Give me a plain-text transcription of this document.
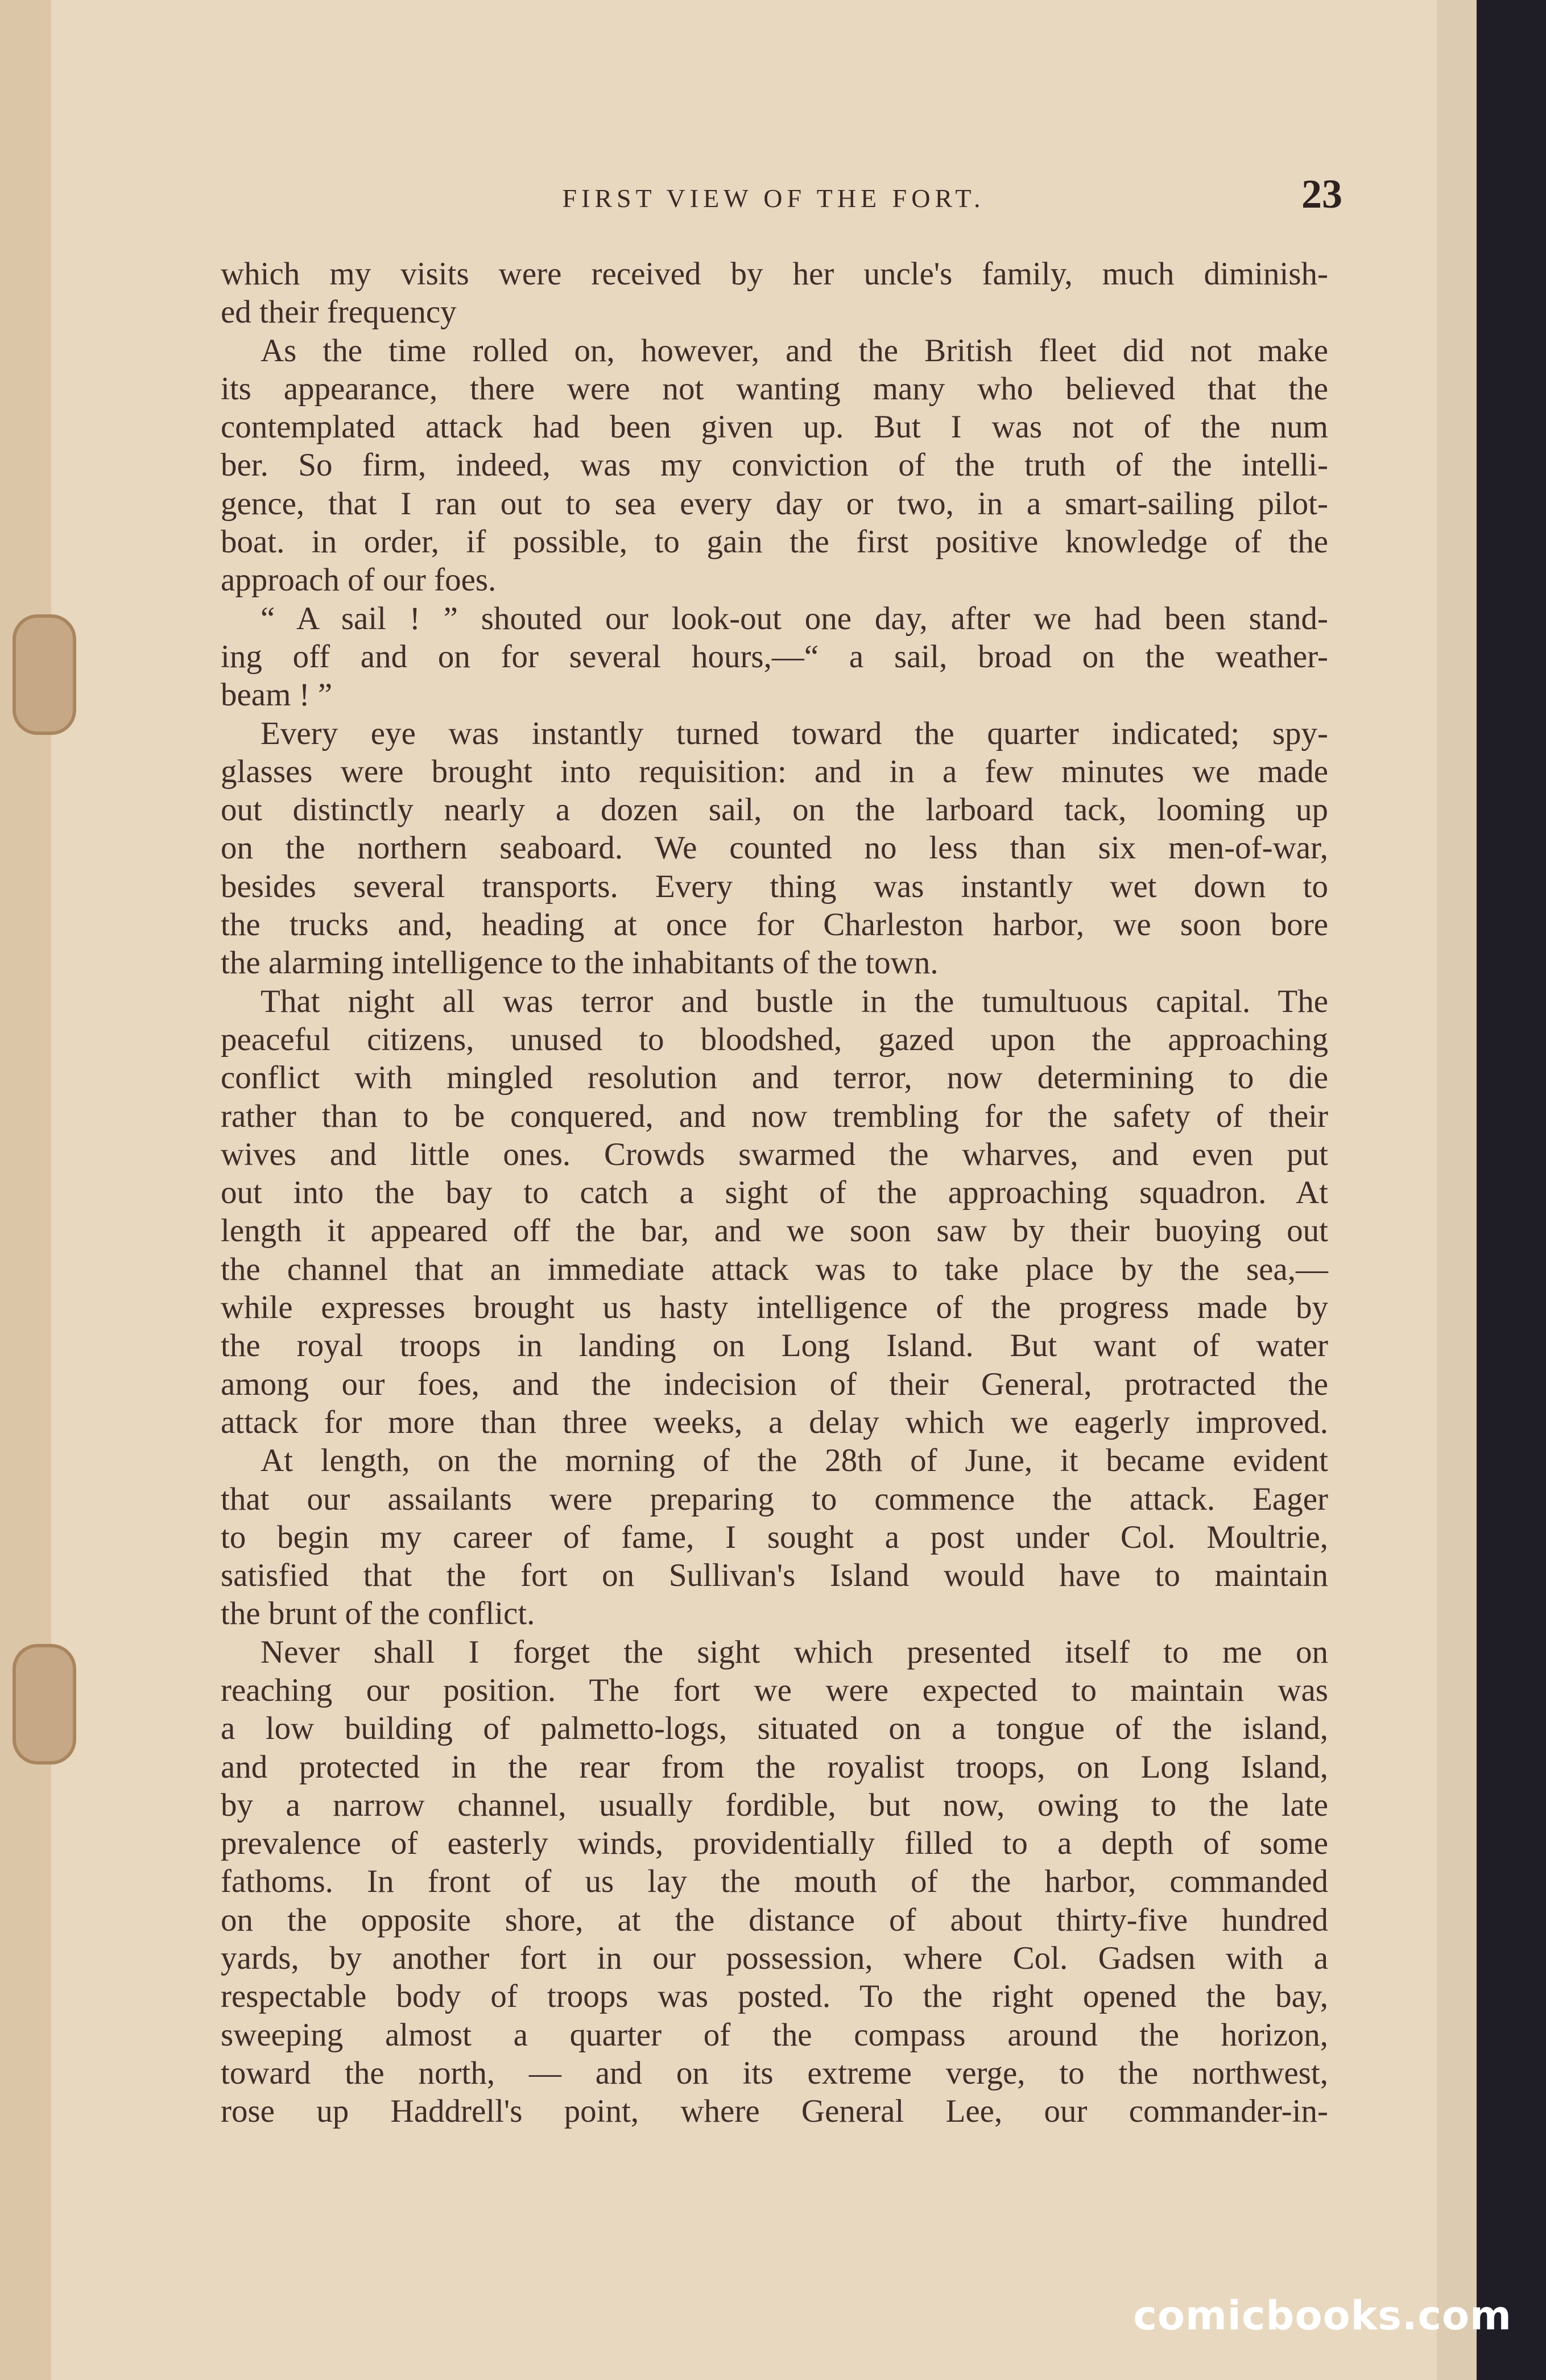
FIRST VIEW OF THE FORT.	23
which my visits were received by her uncle's family, much diminish-
ed their frequency
As the time rolled on, however, and the British fleet did not make
its appearance, there were not wanting many who believed that the
contemplated attack had been given up. But I was not of the num
ber. So firm, indeed, was my conviction of the truth of the intelli-
gence, that I ran out to sea every day or two, in a smart-sailing pilot-
boat. in order, if possible, to gain the first positive knowledge of the
approach of our foes.
“ A sail ! ” shouted our look-out one day, after we had been stand-
ing off and on for several hours,—“ a sail, broad on the weather-
beam ! ”
Every eye was instantly turned toward the quarter indicated; spy-
glasses were brought into requisition: and in a few minutes we made
out distinctly nearly a dozen sail, on the larboard tack, looming up
on the northern seaboard. We counted no less than six men-of-war,
besides several transports. Every thing was instantly wet down to
the trucks and, heading at once for Charleston harbor, we soon bore
the alarming intelligence to the inhabitants of the town.
That night all was terror and bustle in the tumultuous capital. The
peaceful citizens, unused to bloodshed, gazed upon the approaching
conflict with mingled resolution and terror, now determining to die
rather than to be conquered, and now trembling for the safety of their
wives and little ones. Crowds swarmed the wharves, and even put
out into the bay to catch a sight of the approaching squadron. At
length it appeared off the bar, and we soon saw by their buoying out
the channel that an immediate attack was to take place by the sea,—
while expresses brought us hasty intelligence of the progress made by
the royal troops in landing on Long Island. But want of water
among our foes, and the indecision of their General, protracted the
attack for more than three weeks, a delay which we eagerly improved.
At length, on the morning of the 28th of June, it became evident
that our assailants were preparing to commence the attack. Eager
to begin my career of fame, I sought a post under Col. Moultrie,
satisfied that the fort on Sullivan's Island would have to maintain
the brunt of the conflict.
Never shall I forget the sight which presented itself to me on
reaching our position. The fort we were expected to maintain was
a low building of palmetto-logs, situated on a tongue of the island,
and protected in the rear from the royalist troops, on Long Island,
by a narrow channel, usually fordible, but now, owing to the late
prevalence of easterly winds, providentially filled to a depth of some
fathoms. In front of us lay the mouth of the harbor, commanded
on the opposite shore, at the distance of about thirty-five hundred
yards, by another fort in our possession, where Col. Gadsen with a
respectable body of troops was posted. To the right opened the bay,
sweeping almost a quarter of the compass around the horizon,
toward the north, — and on its extreme verge, to the northwest,
rose up Haddrell's point, where General Lee, our commander-in-
comicbooks.com
